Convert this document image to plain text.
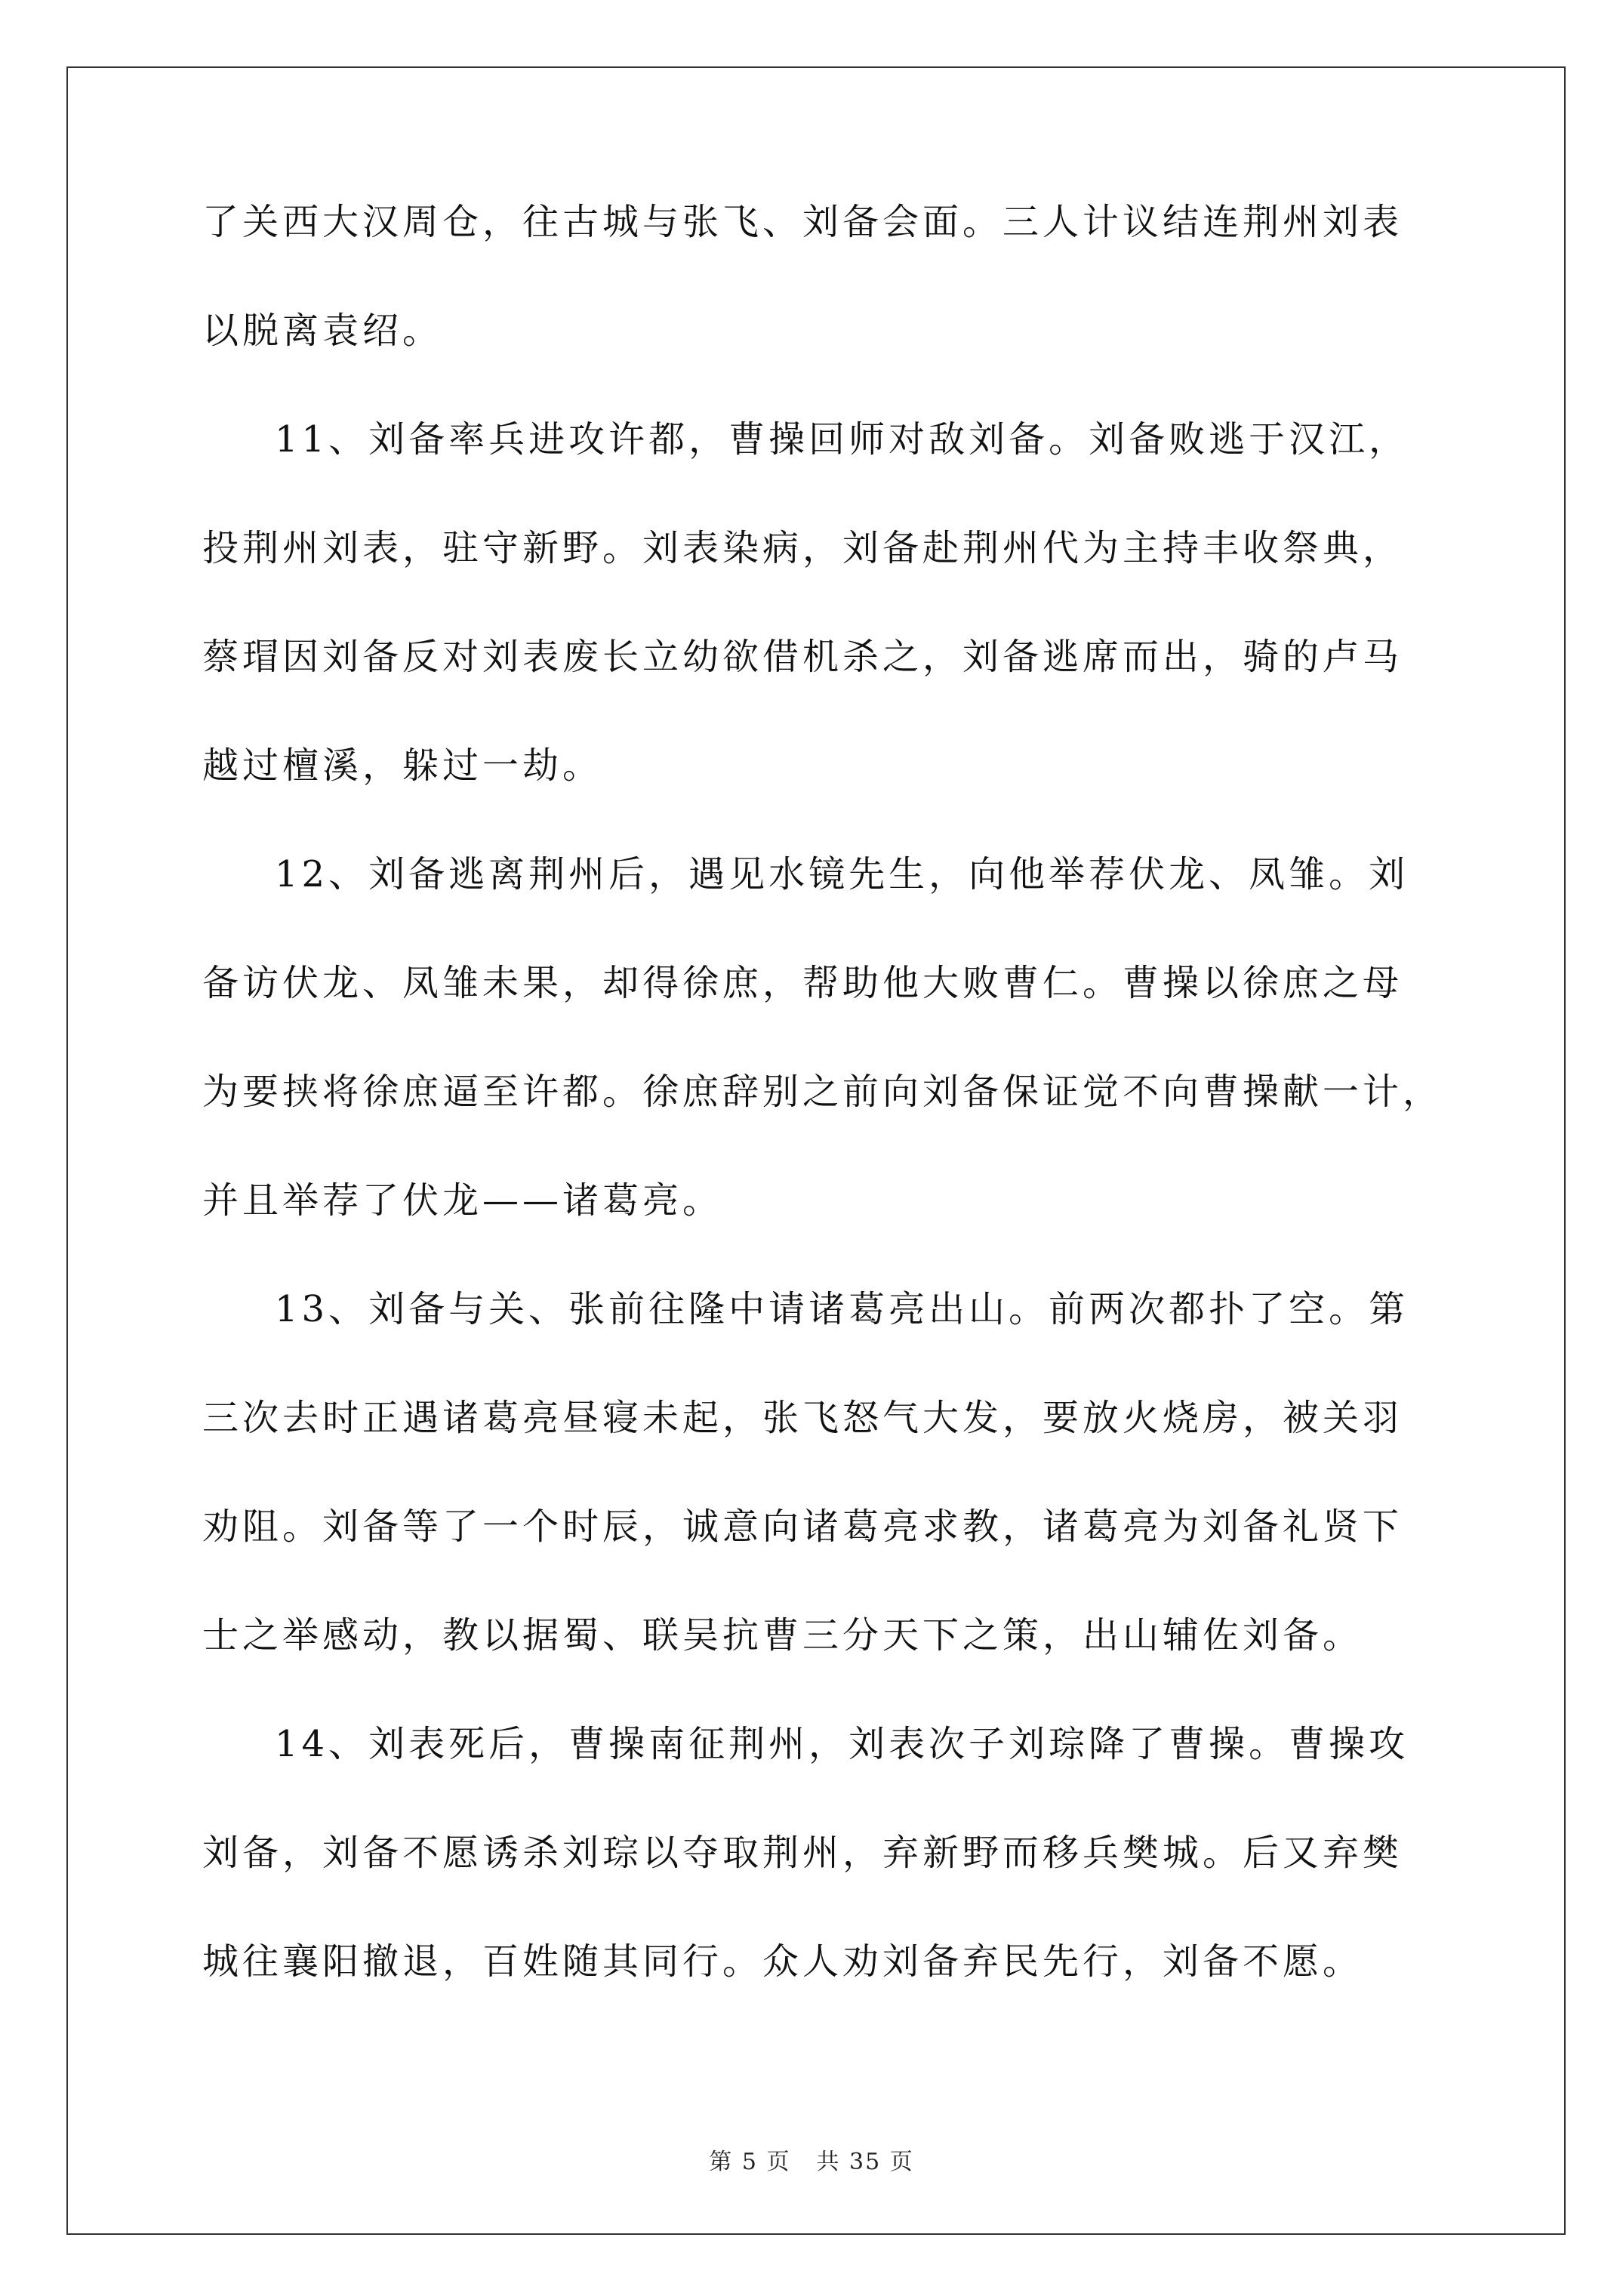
了关西大汉周仓，往古城与张飞、刘备会面。三人计议结连荆州刘表
以脱离袁绍。

11、刘备率兵进攻许都，曹操回师对敌刘备。刘备败逃于汉江，
投荆州刘表，驻守新野。刘表染病，刘备赴荆州代为主持丰收祭典，
蔡瑁因刘备反对刘表废长立幼欲借机杀之，刘备逃席而出，骑的卢马
越过檀溪，躲过一劫。

12、刘备逃离荆州后，遇见水镜先生，向他举荐伏龙、凤雏。刘
备访伏龙、凤雏未果，却得徐庶，帮助他大败曹仁。曹操以徐庶之母
为要挟将徐庶逼至许都。徐庶辞别之前向刘备保证觉不向曹操献一计，
并且举荐了伏龙——诸葛亮。

13、刘备与关、张前往隆中请诸葛亮出山。前两次都扑了空。第
三次去时正遇诸葛亮昼寝未起，张飞怒气大发，要放火烧房，被关羽
劝阻。刘备等了一个时辰，诚意向诸葛亮求教，诸葛亮为刘备礼贤下
士之举感动，教以据蜀、联吴抗曹三分天下之策，出山辅佐刘备。

14、刘表死后，曹操南征荆州，刘表次子刘琮降了曹操。曹操攻
刘备，刘备不愿诱杀刘琮以夺取荆州，弃新野而移兵樊城。后又弃樊
城往襄阳撤退，百姓随其同行。众人劝刘备弃民先行，刘备不愿。

第 5 页 共 35 页
